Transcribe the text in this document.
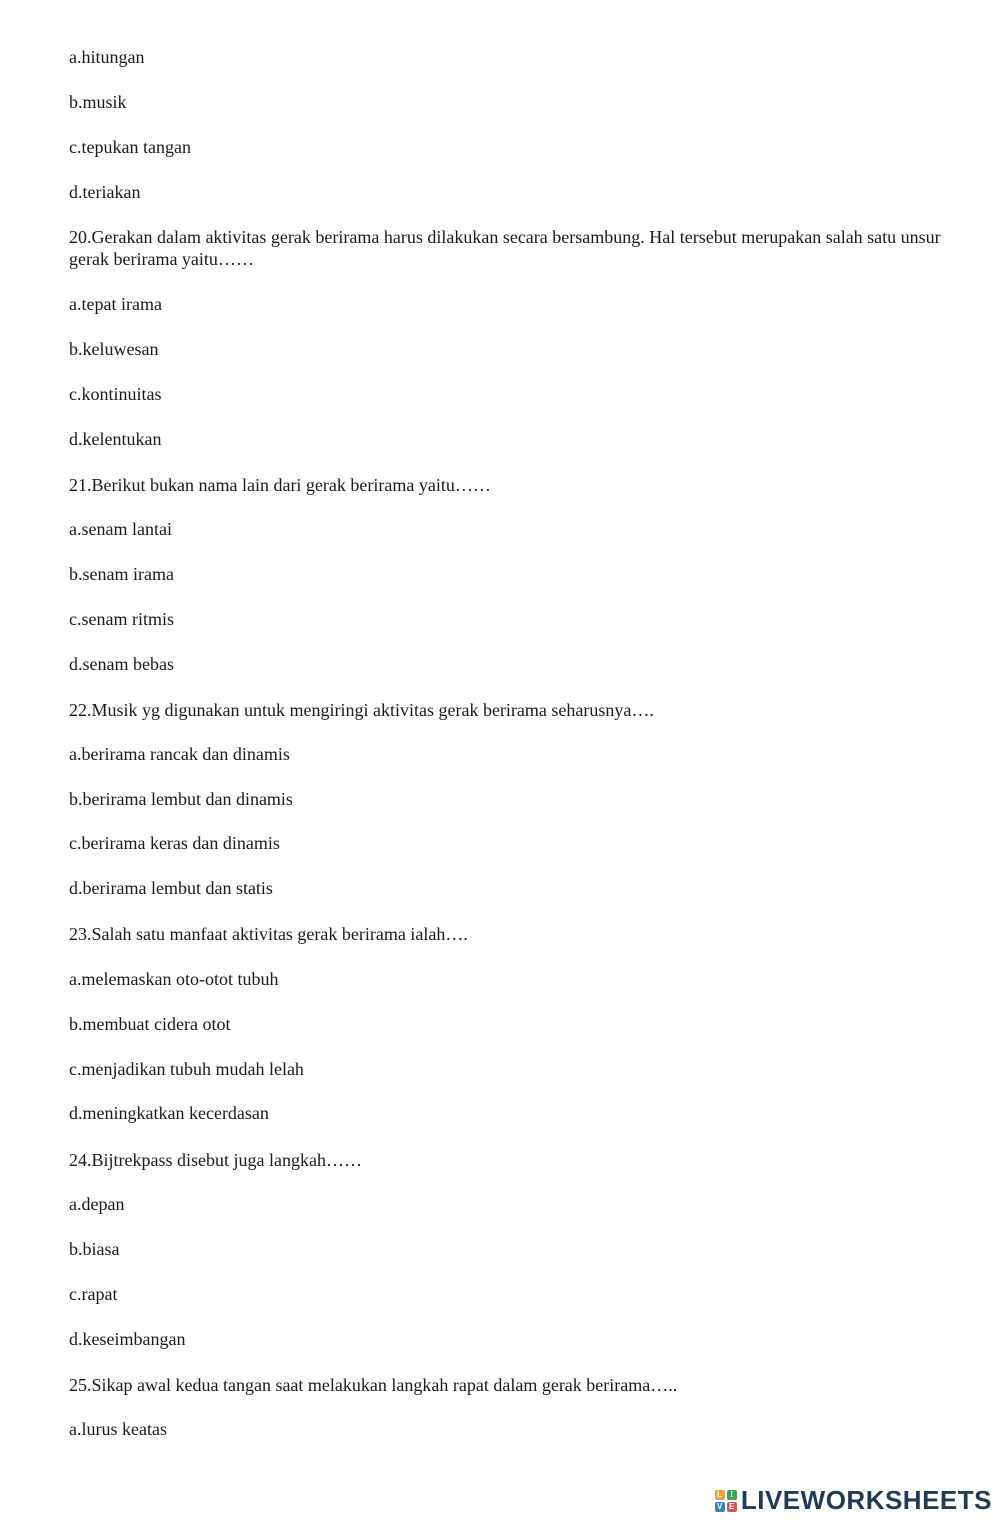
a.hitungan
b.musik
c.tepukan tangan
d.teriakan
20.Gerakan dalam aktivitas gerak berirama harus dilakukan secara bersambung. Hal tersebut merupakan salah satu unsur gerak berirama yaitu……
a.tepat irama
b.keluwesan
c.kontinuitas
d.kelentukan
21.Berikut bukan nama lain dari gerak berirama yaitu……
a.senam lantai
b.senam irama
c.senam ritmis
d.senam bebas
22.Musik yg digunakan untuk mengiringi aktivitas gerak berirama seharusnya….
a.berirama rancak dan dinamis
b.berirama lembut dan dinamis
c.berirama keras dan dinamis
d.berirama lembut dan statis
23.Salah satu manfaat aktivitas gerak berirama ialah….
a.melemaskan oto-otot tubuh
b.membuat cidera otot
c.menjadikan tubuh mudah lelah
d.meningkatkan kecerdasan
24.Bijtrekpass disebut juga langkah……
a.depan
b.biasa
c.rapat
d.keseimbangan
25.Sikap awal kedua tangan saat melakukan langkah rapat dalam gerak berirama…..
a.lurus keatas
L I
V E LIVEWORKSHEETS
